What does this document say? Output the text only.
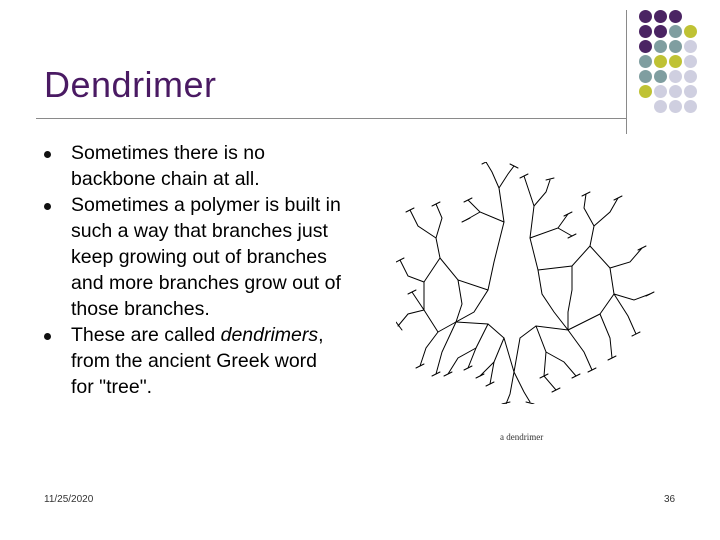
Dendrimer
Sometimes there is no backbone chain at all.
Sometimes a polymer is built in such a way that branches just keep growing out of branches and more branches grow out of those branches.
These are called dendrimers, from the ancient Greek word for "tree".
a dendrimer
11/25/2020	36
